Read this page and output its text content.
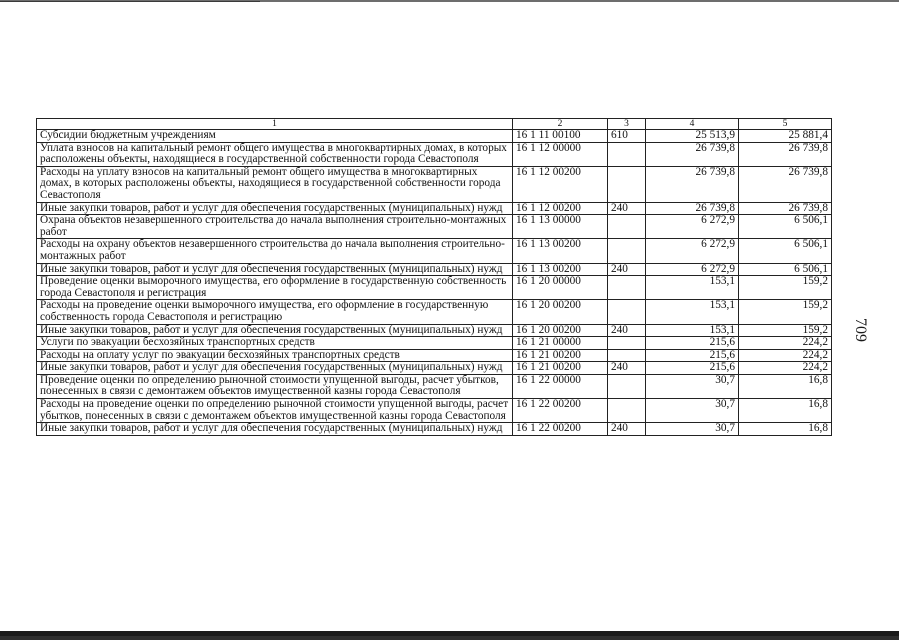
1	2	3	4	5
Субсидии бюджетным учреждениям	16 1 11 00100	610	25 513,9	25 881,4
Уплата взносов на капитальный ремонт общего имущества в многоквартирных домах, в которых расположены объекты, находящиеся в государственной собственности города Севастополя	16 1 12 00000		26 739,8	26 739,8
Расходы на уплату взносов на капитальный ремонт общего имущества в многоквартирных домах, в которых расположены объекты, находящиеся в государственной собственности города Севастополя	16 1 12 00200		26 739,8	26 739,8
Иные закупки товаров, работ и услуг для обеспечения государственных (муниципальных) нужд	16 1 12 00200	240	26 739,8	26 739,8
Охрана объектов незавершенного строительства до начала выполнения строительно-монтажных работ	16 1 13 00000		6 272,9	6 506,1
Расходы на охрану объектов незавершенного строительства до начала выполнения строительно-монтажных работ	16 1 13 00200		6 272,9	6 506,1
Иные закупки товаров, работ и услуг для обеспечения государственных (муниципальных) нужд	16 1 13 00200	240	6 272,9	6 506,1
Проведение оценки выморочного имущества, его оформление в государственную собственность города Севастополя и регистрация	16 1 20 00000		153,1	159,2
Расходы на проведение оценки выморочного имущества, его оформление в государственную собственность города Севастополя и регистрацию	16 1 20 00200		153,1	159,2
Иные закупки товаров, работ и услуг для обеспечения государственных (муниципальных) нужд	16 1 20 00200	240	153,1	159,2
Услуги по эвакуации бесхозяйных транспортных средств	16 1 21 00000		215,6	224,2
Расходы на оплату услуг по эвакуации бесхозяйных транспортных средств	16 1 21 00200		215,6	224,2
Иные закупки товаров, работ и услуг для обеспечения государственных (муниципальных) нужд	16 1 21 00200	240	215,6	224,2
Проведение оценки по определению рыночной стоимости упущенной выгоды, расчет убытков, понесенных в связи с демонтажем объектов имущественной казны города Севастополя	16 1 22 00000		30,7	16,8
Расходы на проведение оценки по определению рыночной стоимости упущенной выгоды, расчет убытков, понесенных в связи с демонтажем объектов имущественной казны города Севастополя	16 1 22 00200		30,7	16,8
Иные закупки товаров, работ и услуг для обеспечения государственных (муниципальных) нужд	16 1 22 00200	240	30,7	16,8
709
